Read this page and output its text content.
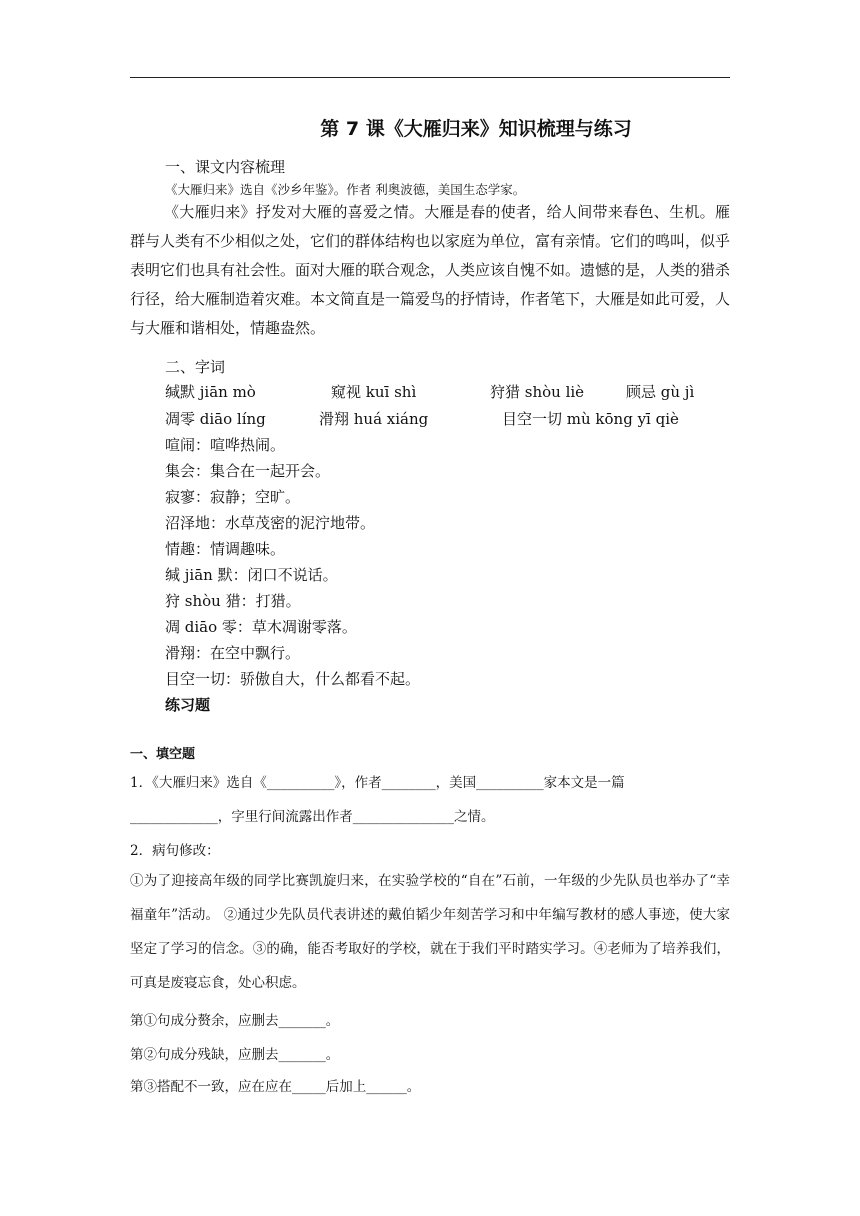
第 7 课《大雁归来》知识梳理与练习
一、课文内容梳理
《大雁归来》选自《沙乡年鉴》。作者 利奥波德，美国生态学家。

《大雁归来》抒发对大雁的喜爱之情。大雁是春的使者，给人间带来春色、生机。雁群与人类有不少相似之处，它们的群体结构也以家庭为单位，富有亲情。它们的鸣叫，似乎表明它们也具有社会性。面对大雁的联合观念，人类应该自愧不如。遗憾的是，人类的猎杀行径，给大雁制造着灾难。本文简直是一篇爱鸟的抒情诗，作者笔下，大雁是如此可爱，人与大雁和谐相处，情趣盎然。

二、字词
缄默 jiān mò	窥视 kuī shì	狩猎 shòu liè	顾忌 gù jì
凋零 diāo líng	滑翔 huá xiáng	目空一切 mù kōng yī qiè
喧闹：喧哗热闹。
集会：集合在一起开会。
寂寥：寂静；空旷。
沼泽地：水草茂密的泥泞地带。
情趣：情调趣味。
缄 jiān 默：闭口不说话。
狩 shòu 猎：打猎。
凋 diāo 零：草木凋谢零落。
滑翔：在空中飘行。
目空一切：骄傲自大，什么都看不起。
练习题
一、填空题
1．《大雁归来》选自《__________》，作者________，美国__________家本文是一篇
_____________，字里行间流露出作者_______________之情。
2．病句修改：

①为了迎接高年级的同学比赛凯旋归来，在实验学校的“自在”石前，一年级的少先队员也举办了“幸福童年”活动。 ②通过少先队员代表讲述的戴伯韬少年刻苦学习和中年编写教材的感人事迹，使大家坚定了学习的信念。③的确，能否考取好的学校，就在于我们平时踏实学习。④老师为了培养我们，可真是废寝忘食，处心积虑。

第①句成分赘余，应删去_______。
第②句成分残缺，应删去_______。
第③搭配不一致，应在应在_____后加上______。
